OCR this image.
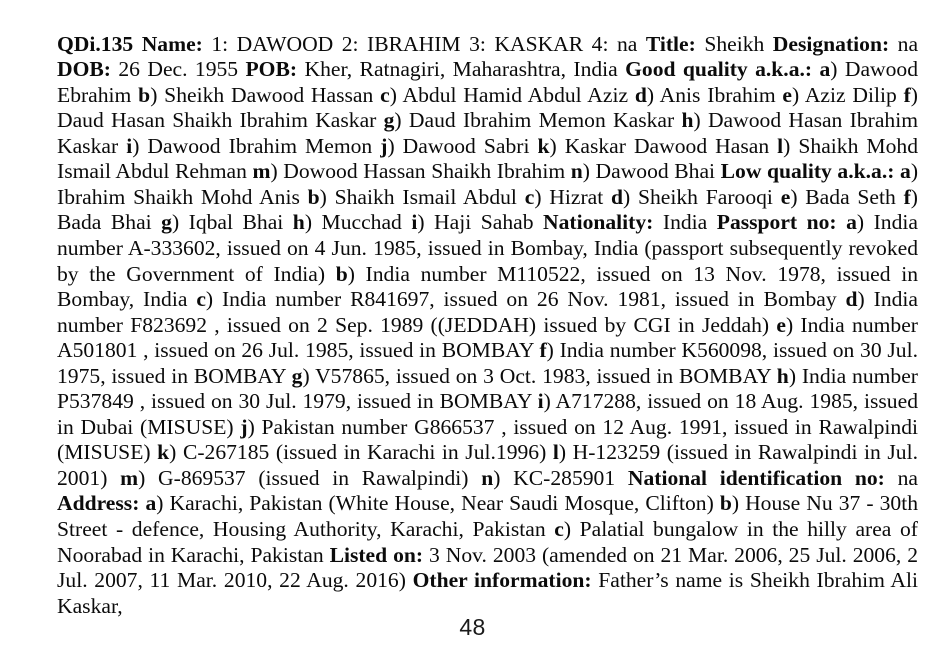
QDi.135 Name: 1: DAWOOD 2: IBRAHIM 3: KASKAR 4: na Title: Sheikh Designation: na DOB: 26 Dec. 1955 POB: Kher, Ratnagiri, Maharashtra, India Good quality a.k.a.: a) Dawood Ebrahim b) Sheikh Dawood Hassan c) Abdul Hamid Abdul Aziz d) Anis Ibrahim e) Aziz Dilip f) Daud Hasan Shaikh Ibrahim Kaskar g) Daud Ibrahim Memon Kaskar h) Dawood Hasan Ibrahim Kaskar i) Dawood Ibrahim Memon j) Dawood Sabri k) Kaskar Dawood Hasan l) Shaikh Mohd Ismail Abdul Rehman m) Dowood Hassan Shaikh Ibrahim n) Dawood Bhai Low quality a.k.a.: a) Ibrahim Shaikh Mohd Anis b) Shaikh Ismail Abdul c) Hizrat d) Sheikh Farooqi e) Bada Seth f) Bada Bhai g) Iqbal Bhai h) Mucchad i) Haji Sahab Nationality: India Passport no: a) India number A-333602, issued on 4 Jun. 1985, issued in Bombay, India (passport subsequently revoked by the Government of India) b) India number M110522, issued on 13 Nov. 1978, issued in Bombay, India c) India number R841697, issued on 26 Nov. 1981, issued in Bombay d) India number F823692 , issued on 2 Sep. 1989 ((JEDDAH) issued by CGI in Jeddah) e) India number A501801 , issued on 26 Jul. 1985, issued in BOMBAY f) India number K560098, issued on 30 Jul. 1975, issued in BOMBAY g) V57865, issued on 3 Oct. 1983, issued in BOMBAY h) India number P537849 , issued on 30 Jul. 1979, issued in BOMBAY i) A717288, issued on 18 Aug. 1985, issued in Dubai (MISUSE) j) Pakistan number G866537 , issued on 12 Aug. 1991, issued in Rawalpindi (MISUSE) k) C-267185 (issued in Karachi in Jul.1996) l) H-123259 (issued in Rawalpindi in Jul. 2001) m) G-869537 (issued in Rawalpindi) n) KC-285901 National identification no: na Address: a) Karachi, Pakistan (White House, Near Saudi Mosque, Clifton) b) House Nu 37 - 30th Street - defence, Housing Authority, Karachi, Pakistan c) Palatial bungalow in the hilly area of Noorabad in Karachi, Pakistan Listed on: 3 Nov. 2003 (amended on 21 Mar. 2006, 25 Jul. 2006, 2 Jul. 2007, 11 Mar. 2010, 22 Aug. 2016) Other information: Father’s name is Sheikh Ibrahim Ali Kaskar,

48
